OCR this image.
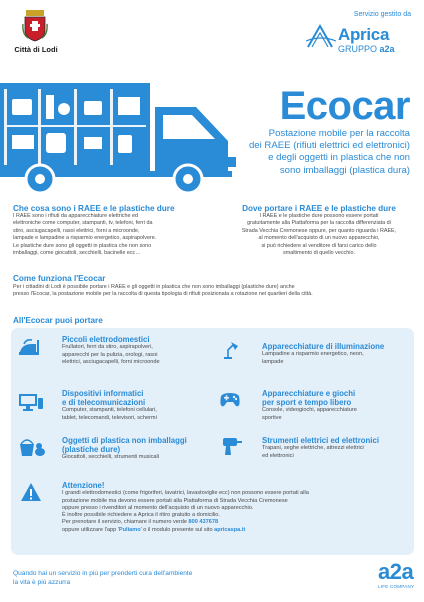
Città di Lodi
Servizio gestito da
Aprica
GRUPPO a2a
Ecocar
Postazione mobile per la raccolta
dei RAEE (rifiuti elettrici ed elettronici)
e degli oggetti in plastica che non
sono imballaggi (plastica dura)
Che cosa sono i RAEE e le plastiche dure
I RAEE sono i rifiuti da apparecchiature elettriche ed
elettroniche come computer, stampanti, tv, telefoni, ferri da
stiro, asciugacapelli, rasoi elettrici, forni a microonde,
lampade e lampadine a risparmio energetico, aspirapolvere.
Le plastiche dure sono gli oggetti in plastica che non sono
imballaggi, come giocattoli, secchielli, bacinelle ecc…
Dove portare i RAEE e le plastiche dure
I RAEE e le plastiche dure possono essere portati
gratuitamente alla Piattaforma per la raccolta differenziata di
Strada Vecchia Cremonese oppure, per quanto riguarda i RAEE,
al momento dell'acquisto di un nuovo apparecchio,
si può richiedere al venditore di farsi carico dello
smaltimento di quello vecchio.
Come funziona l'Ecocar
Per i cittadini di Lodi è possibile portare i RAEE e gli oggetti in plastica che non sono imballaggi (plastiche dure) anche
presso l'Ecocar, la postazione mobile per la raccolta di questa tipologia di rifiuti posizionata a rotazione nei quartieri della città.
All'Ecocar puoi portare
Piccoli elettrodomestici
Frullatori, ferri da stiro, aspirapolveri,
apparecchi per la pulizia, orologi, rasoi
elettrici, asciugacapelli, forni microonde
Apparecchiature di illuminazione
Lampadine a risparmio energetico, neon,
lampade
Dispositivi informatici
e di telecomunicazioni
Computer, stampanti, telefoni cellulari,
tablet, telecomandi, televisori, schermi
Apparecchiature e giochi
per sport e tempo libero
Console, videogiochi, apparecchiature
sportive
Oggetti di plastica non imballaggi
(plastiche dure)
Giocattoli, secchielli, strumenti musicali
Strumenti elettrici ed elettronici
Trapani, seghe elettriche, attrezzi elettrici
ed elettronici
Attenzione!
I grandi elettrodomestici (come frigoriferi, lavatrici, lavastoviglie ecc) non possono essere portati alla
postazione mobile ma devono essere portati alla Piattaforma di Strada Vecchia Cremonese
oppure presso i rivenditori al momento dell'acquisto di un nuovo apparecchio.
È inoltre possibile richiedere a Aprica il ritiro gratuito a domicilio.
Per prenotare il servizio, chiamare il numero verde 800 437678
oppure utilizzare l'app 'Puliamo' o il modulo presente sul sito apricaspa.it
Quando hai un servizio in più per prenderti cura dell'ambiente
la vita è più azzurra	a2a
LIFE COMPANY
